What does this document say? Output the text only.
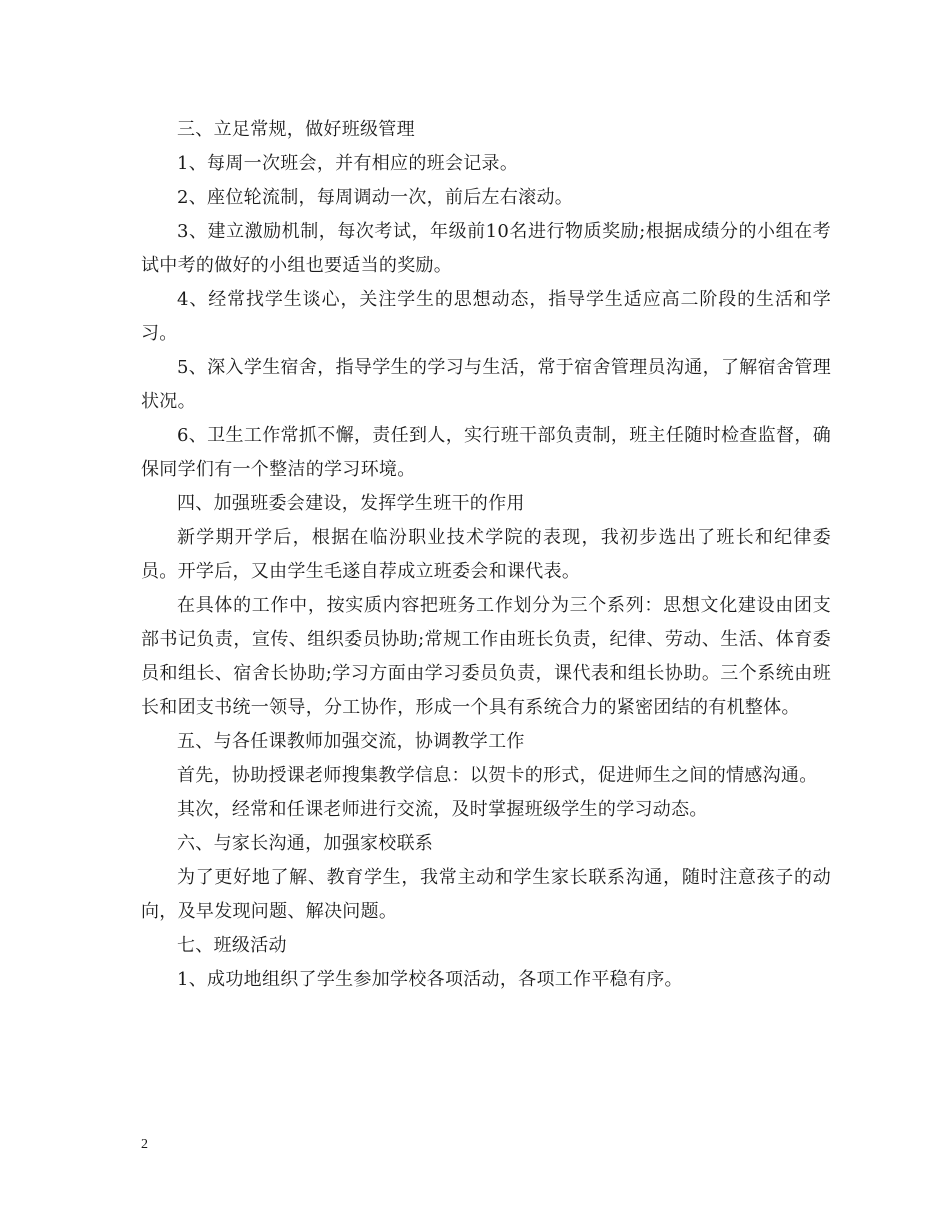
三、立足常规，做好班级管理

1、每周一次班会，并有相应的班会记录。

2、座位轮流制，每周调动一次，前后左右滚动。

3、建立激励机制，每次考试，年级前10名进行物质奖励;根据成绩分的小组在考试中考的做好的小组也要适当的奖励。

4、经常找学生谈心，关注学生的思想动态，指导学生适应高二阶段的生活和学习。

5、深入学生宿舍，指导学生的学习与生活，常于宿舍管理员沟通，了解宿舍管理状况。

6、卫生工作常抓不懈，责任到人，实行班干部负责制，班主任随时检查监督，确保同学们有一个整洁的学习环境。

四、加强班委会建设，发挥学生班干的作用

新学期开学后，根据在临汾职业技术学院的表现，我初步选出了班长和纪律委员。开学后，又由学生毛遂自荐成立班委会和课代表。

在具体的工作中，按实质内容把班务工作划分为三个系列：思想文化建设由团支部书记负责，宣传、组织委员协助;常规工作由班长负责，纪律、劳动、生活、体育委员和组长、宿舍长协助;学习方面由学习委员负责，课代表和组长协助。三个系统由班长和团支书统一领导，分工协作，形成一个具有系统合力的紧密团结的有机整体。

五、与各任课教师加强交流，协调教学工作

首先，协助授课老师搜集教学信息：以贺卡的形式，促进师生之间的情感沟通。

其次，经常和任课老师进行交流，及时掌握班级学生的学习动态。

六、与家长沟通，加强家校联系

为了更好地了解、教育学生，我常主动和学生家长联系沟通，随时注意孩子的动向，及早发现问题、解决问题。

七、班级活动

1、成功地组织了学生参加学校各项活动，各项工作平稳有序。

2
